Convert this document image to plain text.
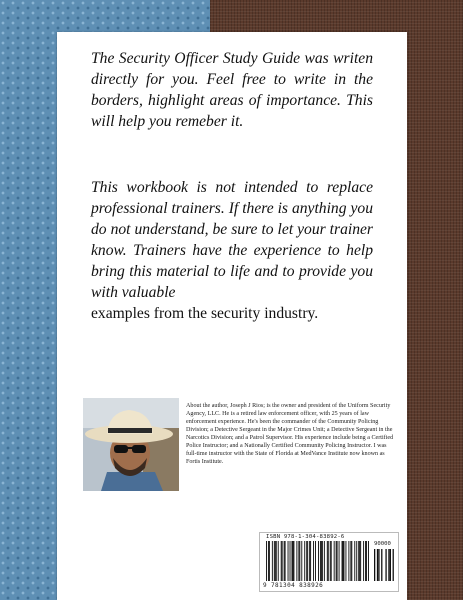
The Security Officer Study Guide was writen directly for you. Feel free to write in the borders, highlight areas of importance. This will help you remeber it.

This workbook is not intended to replace professional trainers. If there is anything you do not understand, be sure to let your trainer know. Trainers have the experience to help bring this material to life and to provide you with valuable

examples from the security industry.

About the author, Joseph J Rios; is the owner and president of the Uniform Security Agency, LLC. He is a retired law enforcement officer, with 25 years of law enforcement experience. He's been the commander of the Community Policing Division; a Detective Sergeant in the Major Crimes Unit; a Detective Sergeant in the Narcotics Division; and a Patrol Supervisor. His experience include being a Certified Police Instructor; and a Nationally Certified Community Policing Instructor. I was full-time instructor with the State of Florida at MedVance Institute now known as Fortis Institute.

ISBN 978-1-304-83892-6
90000
9 781304 838926
